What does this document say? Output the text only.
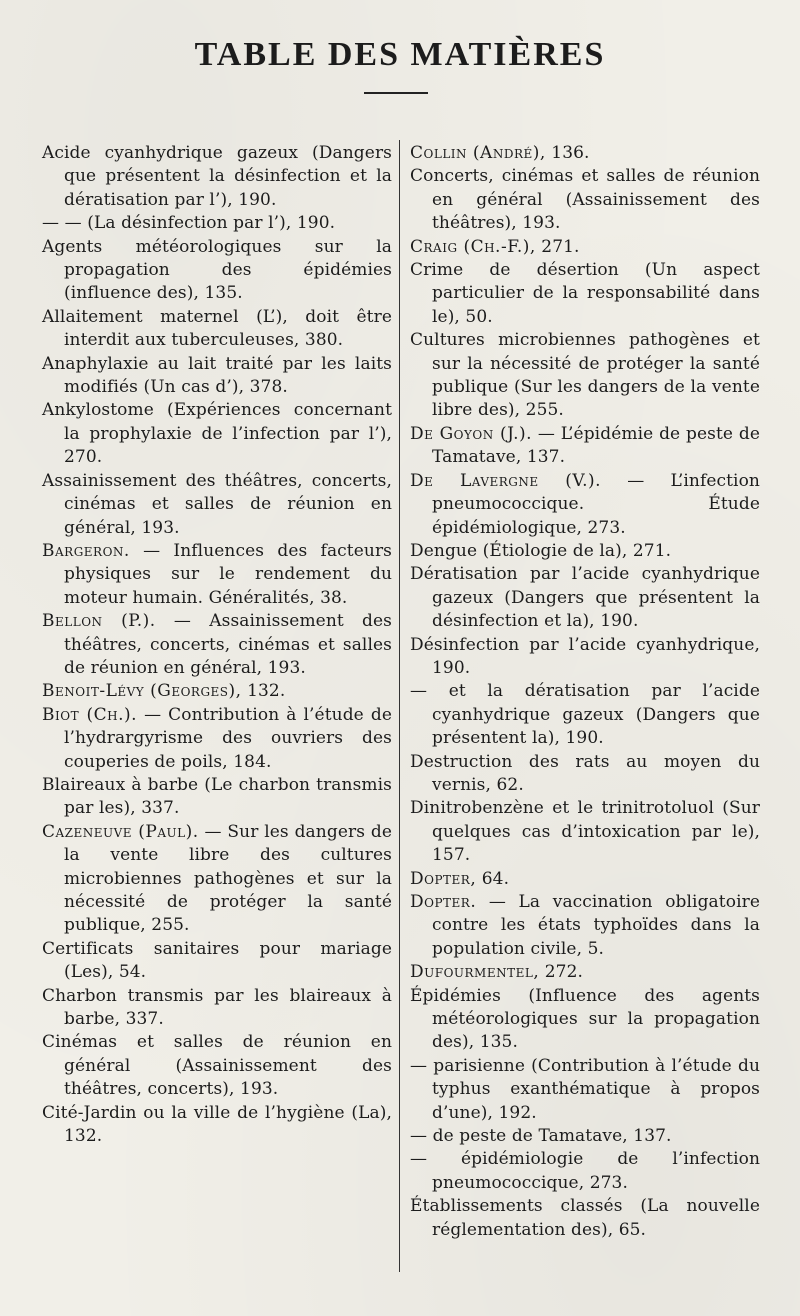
TABLE DES MATIÈRES

Acide cyanhydrique gazeux (Dangers que présentent la désinfection et la dératisation par l’), 190.

— — (La désinfection par l’), 190.

Agents météorologiques sur la propagation des épidémies (influence des), 135.

Allaitement maternel (L’), doit être interdit aux tuberculeuses, 380.

Anaphylaxie au lait traité par les laits modifiés (Un cas d’), 378.

Ankylostome (Expériences concernant la prophylaxie de l’infection par l’), 270.

Assainissement des théâtres, concerts, cinémas et salles de réunion en général, 193.

Bargeron. — Influences des facteurs physiques sur le rendement du moteur humain. Généralités, 38.

Bellon (P.). — Assainissement des théâtres, concerts, cinémas et salles de réunion en général, 193.

Benoit-Lévy (Georges), 132.

Biot (Ch.). — Contribution à l’étude de l’hydrargyrisme des ouvriers des couperies de poils, 184.

Blaireaux à barbe (Le charbon transmis par les), 337.

Cazeneuve (Paul). — Sur les dangers de la vente libre des cultures microbiennes pathogènes et sur la nécessité de protéger la santé publique, 255.

Certificats sanitaires pour mariage (Les), 54.

Charbon transmis par les blaireaux à barbe, 337.

Cinémas et salles de réunion en général (Assainissement des théâtres, concerts), 193.

Cité-Jardin ou la ville de l’hygiène (La), 132.

Collin (André), 136.

Concerts, cinémas et salles de réunion en général (Assainissement des théâtres), 193.

Craig (Ch.-F.), 271.

Crime de désertion (Un aspect particulier de la responsabilité dans le), 50.

Cultures microbiennes pathogènes et sur la nécessité de protéger la santé publique (Sur les dangers de la vente libre des), 255.

De Goyon (J.). — L’épidémie de peste de Tamatave, 137.

De Lavergne (V.). — L’infection pneumococcique. Étude épidémiologique, 273.

Dengue (Étiologie de la), 271.

Dératisation par l’acide cyanhydrique gazeux (Dangers que présentent la désinfection et la), 190.

Désinfection par l’acide cyanhydrique, 190.

— et la dératisation par l’acide cyanhydrique gazeux (Dangers que présentent la), 190.

Destruction des rats au moyen du vernis, 62.

Dinitrobenzène et le trinitrotoluol (Sur quelques cas d’intoxication par le), 157.

Dopter, 64.

Dopter. — La vaccination obligatoire contre les états typhoïdes dans la population civile, 5.

Dufourmentel, 272.

Épidémies (Influence des agents météorologiques sur la propagation des), 135.

— parisienne (Contribution à l’étude du typhus exanthématique à propos d’une), 192.

— de peste de Tamatave, 137.

— épidémiologie de l’infection pneumococcique, 273.

Établissements classés (La nouvelle réglementation des), 65.
